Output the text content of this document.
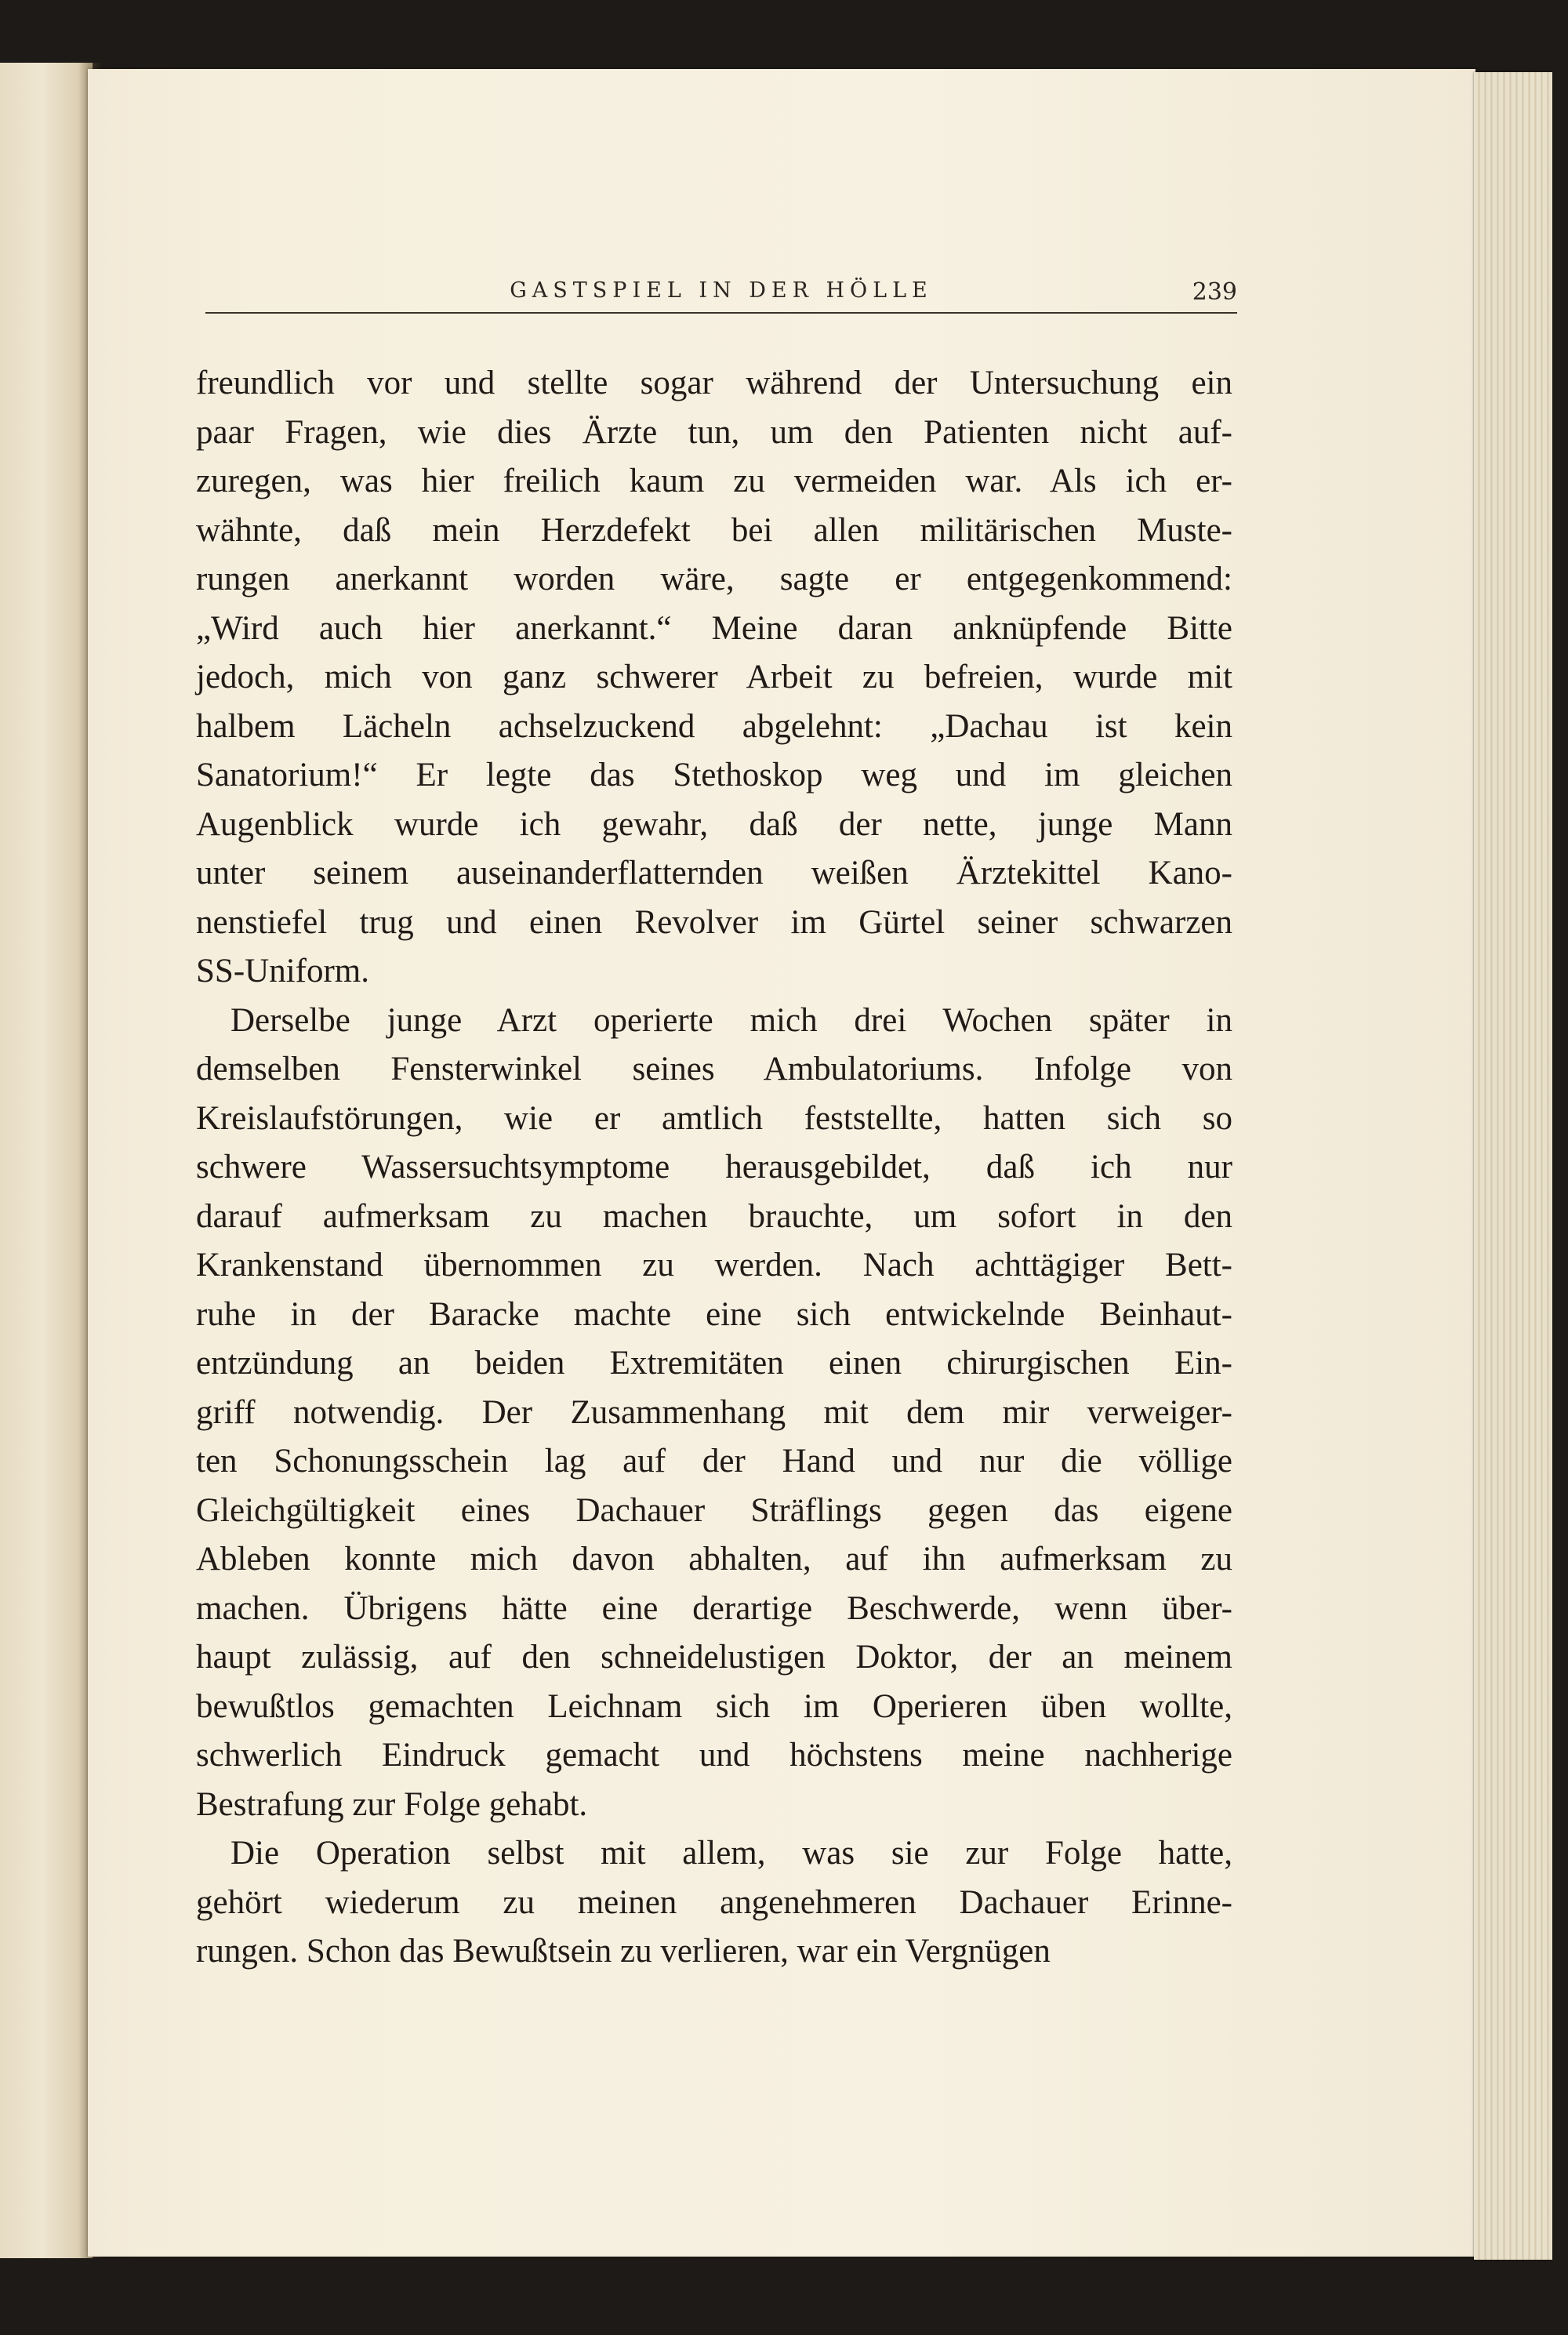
GASTSPIEL IN DER HÖLLE	239
freundlich vor und stellte sogar während der Untersuchung ein
paar Fragen, wie dies Ärzte tun, um den Patienten nicht auf-
zuregen, was hier freilich kaum zu vermeiden war. Als ich er-
wähnte, daß mein Herzdefekt bei allen militärischen Muste-
rungen anerkannt worden wäre, sagte er entgegenkommend:
„Wird auch hier anerkannt.“ Meine daran anknüpfende Bitte
jedoch, mich von ganz schwerer Arbeit zu befreien, wurde mit
halbem Lächeln achselzuckend abgelehnt: „Dachau ist kein
Sanatorium!“ Er legte das Stethoskop weg und im gleichen
Augenblick wurde ich gewahr, daß der nette, junge Mann
unter seinem auseinanderflatternden weißen Ärztekittel Kano-
nenstiefel trug und einen Revolver im Gürtel seiner schwarzen
SS-Uniform.
Derselbe junge Arzt operierte mich drei Wochen später in
demselben Fensterwinkel seines Ambulatoriums. Infolge von
Kreislaufstörungen, wie er amtlich feststellte, hatten sich so
schwere Wassersuchtsymptome herausgebildet, daß ich nur
darauf aufmerksam zu machen brauchte, um sofort in den
Krankenstand übernommen zu werden. Nach achttägiger Bett-
ruhe in der Baracke machte eine sich entwickelnde Beinhaut-
entzündung an beiden Extremitäten einen chirurgischen Ein-
griff notwendig. Der Zusammenhang mit dem mir verweiger-
ten Schonungsschein lag auf der Hand und nur die völlige
Gleichgültigkeit eines Dachauer Sträflings gegen das eigene
Ableben konnte mich davon abhalten, auf ihn aufmerksam zu
machen. Übrigens hätte eine derartige Beschwerde, wenn über-
haupt zulässig, auf den schneidelustigen Doktor, der an meinem
bewußtlos gemachten Leichnam sich im Operieren üben wollte,
schwerlich Eindruck gemacht und höchstens meine nachherige
Bestrafung zur Folge gehabt.
Die Operation selbst mit allem, was sie zur Folge hatte,
gehört wiederum zu meinen angenehmeren Dachauer Erinne-
rungen. Schon das Bewußtsein zu verlieren, war ein Vergnügen
